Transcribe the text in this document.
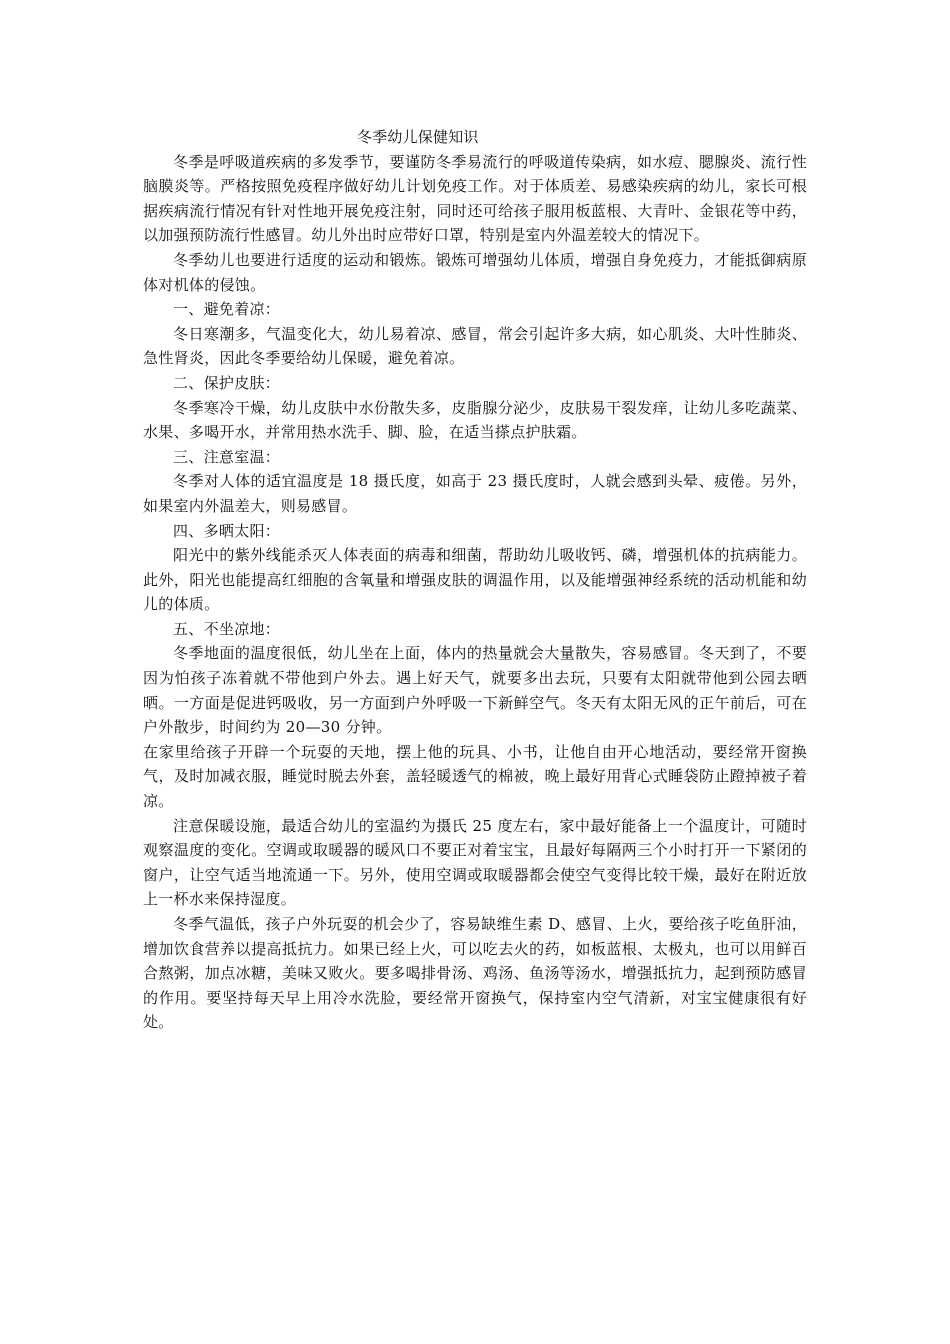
冬季幼儿保健知识

冬季是呼吸道疾病的多发季节，要谨防冬季易流行的呼吸道传染病，如水痘、腮腺炎、流行性脑膜炎等。严格按照免疫程序做好幼儿计划免疫工作。对于体质差、易感染疾病的幼儿，家长可根据疾病流行情况有针对性地开展免疫注射，同时还可给孩子服用板蓝根、大青叶、金银花等中药，以加强预防流行性感冒。幼儿外出时应带好口罩，特别是室内外温差较大的情况下。

冬季幼儿也要进行适度的运动和锻炼。锻炼可增强幼儿体质，增强自身免疫力，才能抵御病原体对机体的侵蚀。

一、避免着凉：

冬日寒潮多，气温变化大，幼儿易着凉、感冒，常会引起许多大病，如心肌炎、大叶性肺炎、急性肾炎，因此冬季要给幼儿保暖，避免着凉。

二、保护皮肤：

冬季寒冷干燥，幼儿皮肤中水份散失多，皮脂腺分泌少，皮肤易干裂发痒，让幼儿多吃蔬菜、水果、多喝开水，并常用热水洗手、脚、脸，在适当搽点护肤霜。

三、注意室温：

冬季对人体的适宜温度是 18 摄氏度，如高于 23 摄氏度时，人就会感到头晕、疲倦。另外，如果室内外温差大，则易感冒。

四、多晒太阳：

阳光中的紫外线能杀灭人体表面的病毒和细菌，帮助幼儿吸收钙、磷，增强机体的抗病能力。此外，阳光也能提高红细胞的含氧量和增强皮肤的调温作用，以及能增强神经系统的活动机能和幼儿的体质。

五、不坐凉地：

冬季地面的温度很低，幼儿坐在上面，体内的热量就会大量散失，容易感冒。冬天到了，不要因为怕孩子冻着就不带他到户外去。遇上好天气，就要多出去玩，只要有太阳就带他到公园去晒晒。一方面是促进钙吸收，另一方面到户外呼吸一下新鲜空气。冬天有太阳无风的正午前后，可在户外散步，时间约为 20—30 分钟。

在家里给孩子开辟一个玩耍的天地，摆上他的玩具、小书，让他自由开心地活动，要经常开窗换气，及时加减衣服，睡觉时脱去外套，盖轻暖透气的棉被，晚上最好用背心式睡袋防止蹬掉被子着凉。

注意保暖设施，最适合幼儿的室温约为摄氏 25 度左右，家中最好能备上一个温度计，可随时观察温度的变化。空调或取暖器的暖风口不要正对着宝宝，且最好每隔两三个小时打开一下紧闭的窗户，让空气适当地流通一下。另外，使用空调或取暖器都会使空气变得比较干燥，最好在附近放上一杯水来保持湿度。

冬季气温低，孩子户外玩耍的机会少了，容易缺维生素 D、感冒、上火，要给孩子吃鱼肝油，增加饮食营养以提高抵抗力。如果已经上火，可以吃去火的药，如板蓝根、太极丸，也可以用鲜百合熬粥，加点冰糖，美味又败火。要多喝排骨汤、鸡汤、鱼汤等汤水，增强抵抗力，起到预防感冒的作用。要坚持每天早上用冷水洗脸，要经常开窗换气，保持室内空气清新，对宝宝健康很有好处。
